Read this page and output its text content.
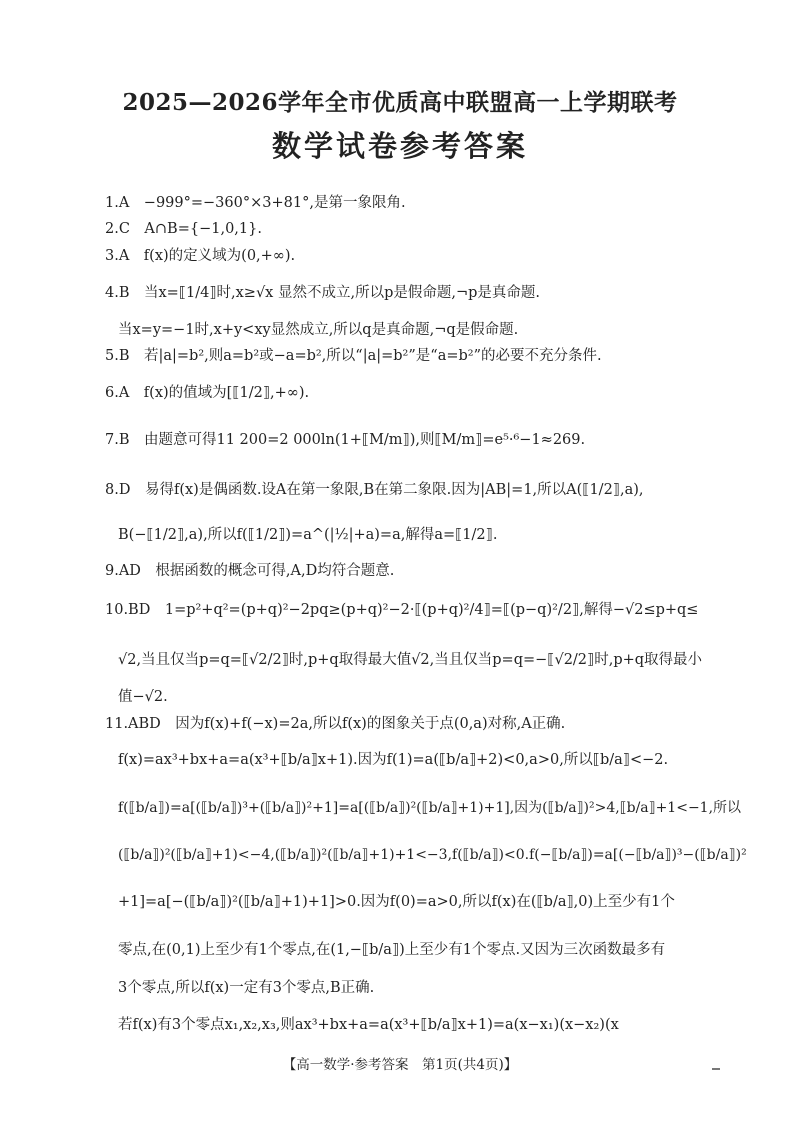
2025—2026学年全市优质高中联盟高一上学期联考
数学试卷参考答案
1.A　−999°=−360°×3+81°,是第一象限角.
2.C　A∩B={−1,0,1}.
3.A　f(x)的定义域为(0,+∞).
4.B　当x=⟦1/4⟧时,x≥√x 显然不成立,所以p是假命题,¬p是真命题.
当x=y=−1时,x+y<xy显然成立,所以q是真命题,¬q是假命题.
5.B　若|a|=b²,则a=b²或−a=b²,所以“|a|=b²”是“a=b²”的必要不充分条件.
6.A　f(x)的值域为[⟦1/2⟧,+∞).
7.B　由题意可得11 200=2 000ln(1+⟦M/m⟧),则⟦M/m⟧=e⁵·⁶−1≈269.
8.D　易得f(x)是偶函数.设A在第一象限,B在第二象限.因为|AB|=1,所以A(⟦1/2⟧,a),
B(−⟦1/2⟧,a),所以f(⟦1/2⟧)=a^(|½|+a)=a,解得a=⟦1/2⟧.
9.AD　根据函数的概念可得,A,D均符合题意.
10.BD　1=p²+q²=(p+q)²−2pq≥(p+q)²−2·⟦(p+q)²/4⟧=⟦(p−q)²/2⟧,解得−√2≤p+q≤
√2,当且仅当p=q=⟦√2/2⟧时,p+q取得最大值√2,当且仅当p=q=−⟦√2/2⟧时,p+q取得最小
值−√2.
11.ABD　因为f(x)+f(−x)=2a,所以f(x)的图象关于点(0,a)对称,A正确.
f(x)=ax³+bx+a=a(x³+⟦b/a⟧x+1).因为f(1)=a(⟦b/a⟧+2)<0,a>0,所以⟦b/a⟧<−2.
f(⟦b/a⟧)=a[(⟦b/a⟧)³+(⟦b/a⟧)²+1]=a[(⟦b/a⟧)²(⟦b/a⟧+1)+1],因为(⟦b/a⟧)²>4,⟦b/a⟧+1<−1,所以
(⟦b/a⟧)²(⟦b/a⟧+1)<−4,(⟦b/a⟧)²(⟦b/a⟧+1)+1<−3,f(⟦b/a⟧)<0.f(−⟦b/a⟧)=a[(−⟦b/a⟧)³−(⟦b/a⟧)²
+1]=a[−(⟦b/a⟧)²(⟦b/a⟧+1)+1]>0.因为f(0)=a>0,所以f(x)在(⟦b/a⟧,0)上至少有1个
零点,在(0,1)上至少有1个零点,在(1,−⟦b/a⟧)上至少有1个零点.又因为三次函数最多有
3个零点,所以f(x)一定有3个零点,B正确.
若f(x)有3个零点x₁,x₂,x₃,则ax³+bx+a=a(x³+⟦b/a⟧x+1)=a(x−x₁)(x−x₂)(x
【高一数学·参考答案　第1页(共4页)】
